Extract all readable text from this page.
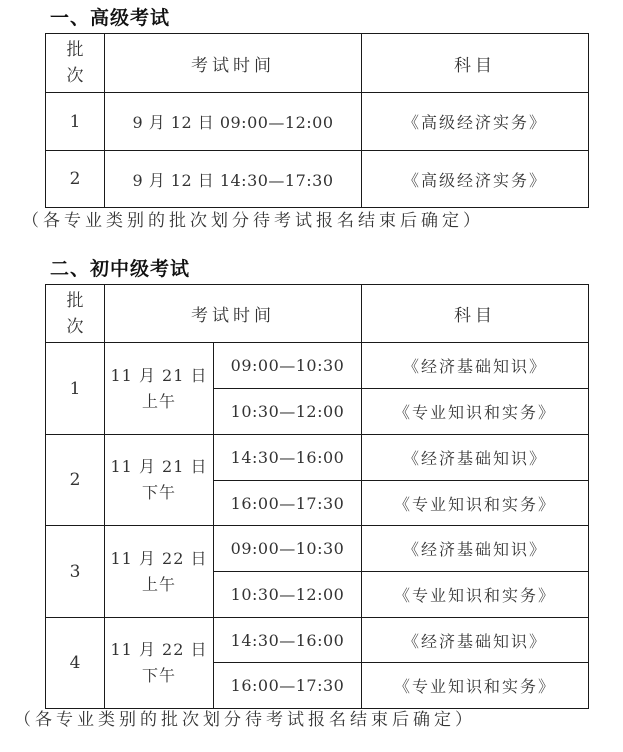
一、高级考试
批
次	考试时间	科目
1	9 月 12 日 09:00—12:00	《高级经济实务》
2	9 月 12 日 14:30—17:30	《高级经济实务》
（各专业类别的批次划分待考试报名结束后确定）
二、初中级考试
批
次	考试时间		科目
1	11 月 21 日
上午	09:00—10:30	《经济基础知识》
		10:30—12:00	《专业知识和实务》
2	11 月 21 日
下午	14:30—16:00	《经济基础知识》
		16:00—17:30	《专业知识和实务》
3	11 月 22 日
上午	09:00—10:30	《经济基础知识》
		10:30—12:00	《专业知识和实务》
4	11 月 22 日
下午	14:30—16:00	《经济基础知识》
		16:00—17:30	《专业知识和实务》
（各专业类别的批次划分待考试报名结束后确定）
